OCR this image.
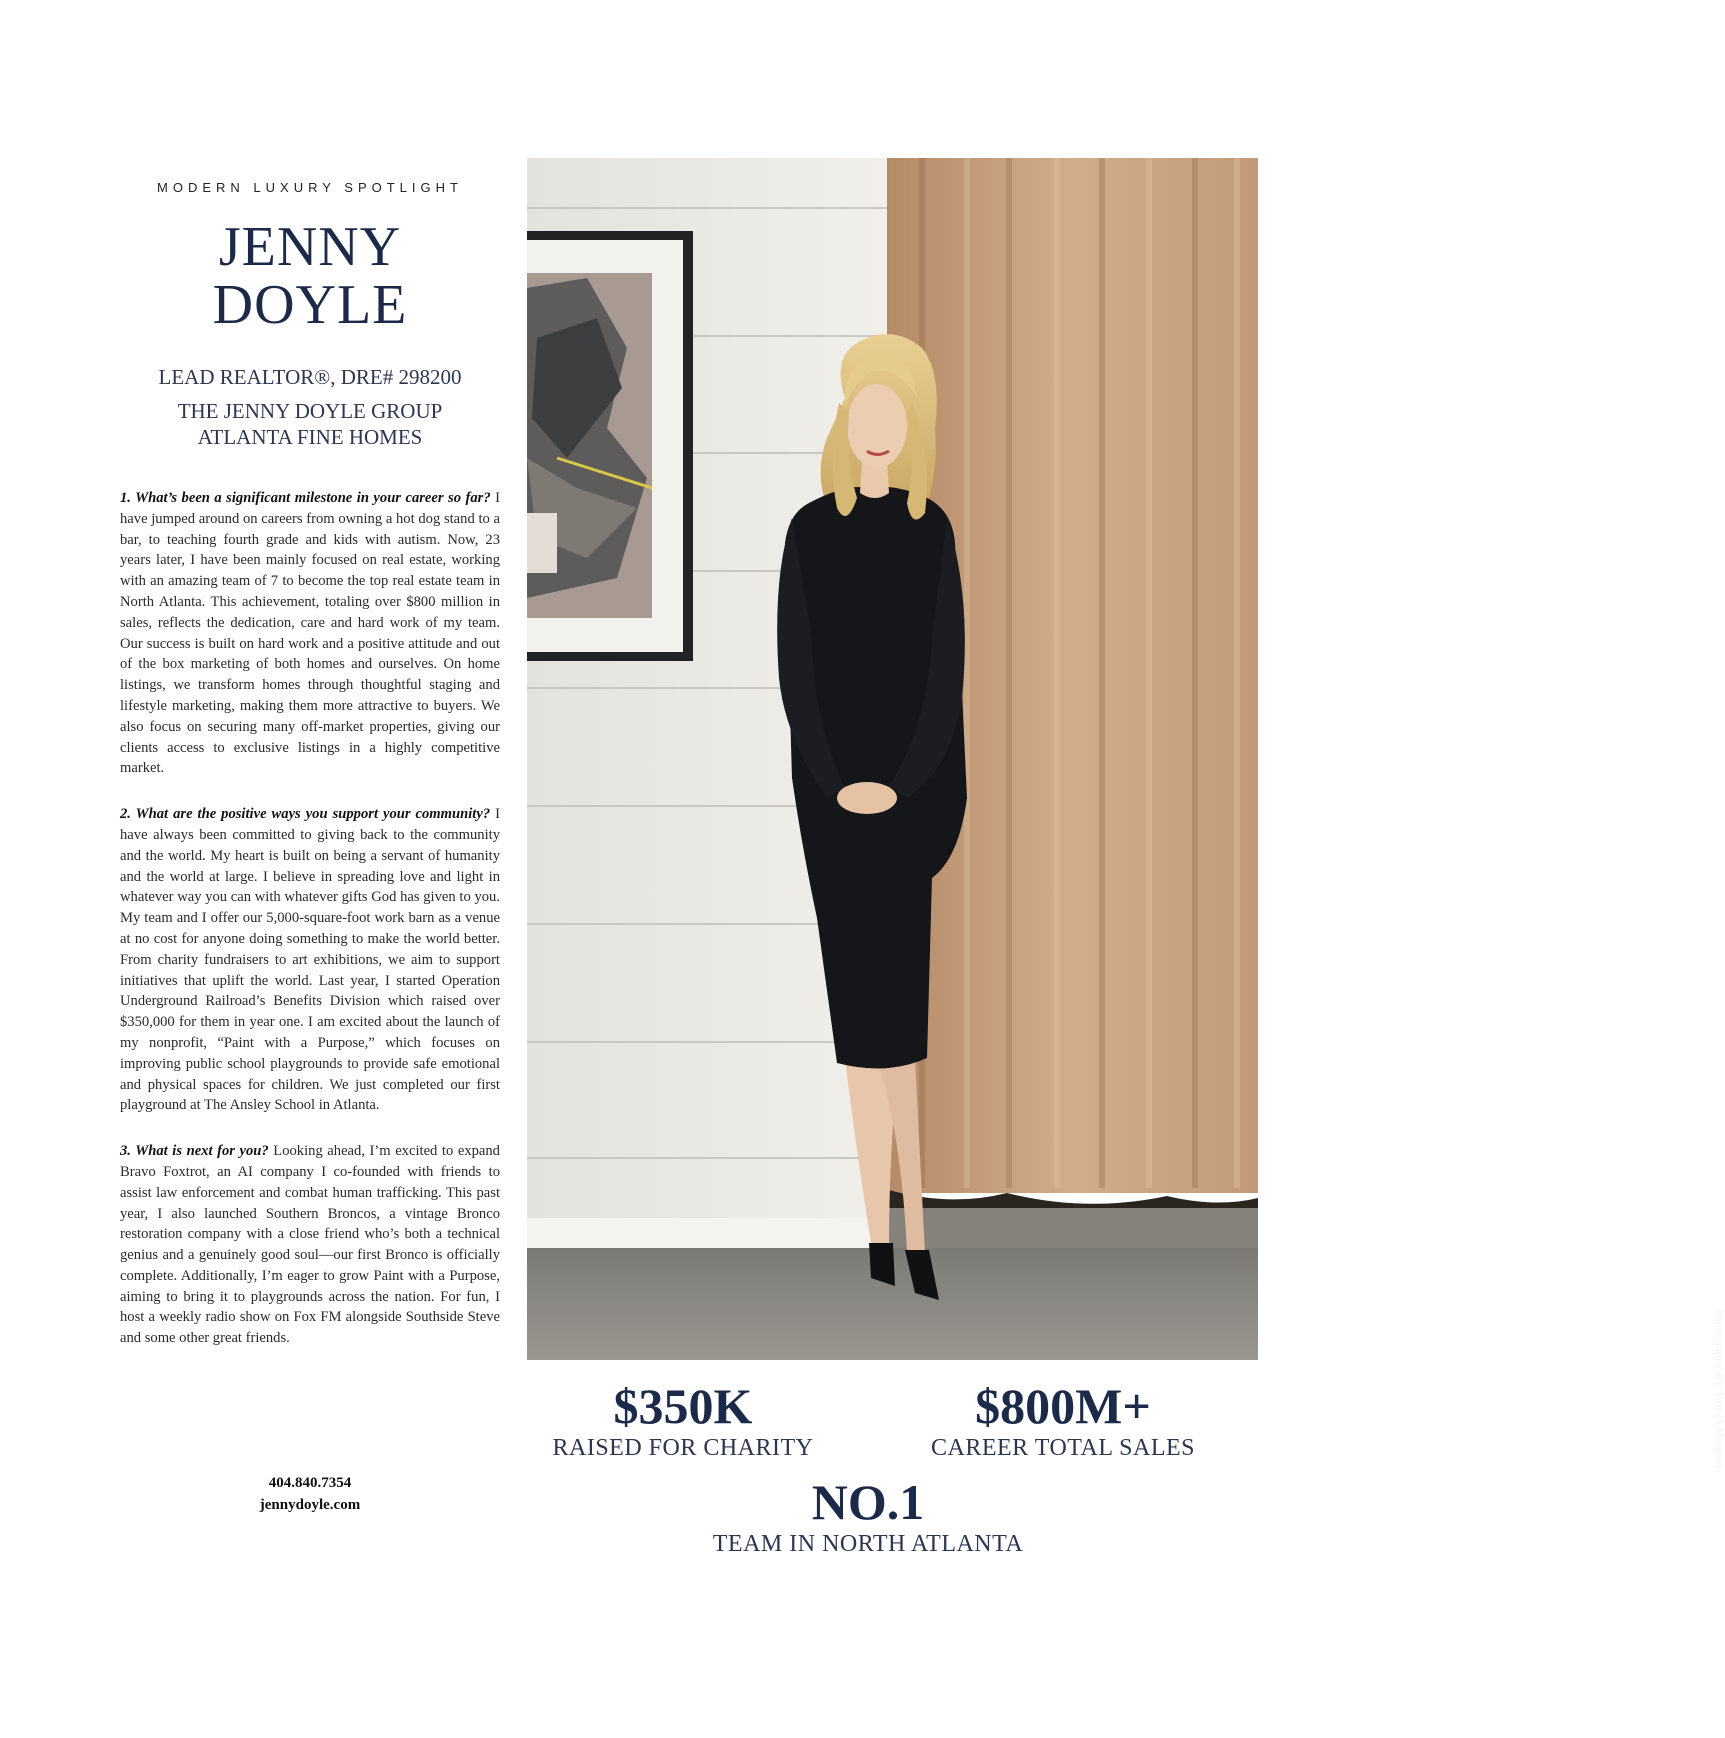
MODERN LUXURY SPOTLIGHT
JENNY
DOYLE
LEAD REALTOR®, DRE# 298200
THE JENNY DOYLE GROUP
ATLANTA FINE HOMES

1. What’s been a significant milestone in your career so far? I have jumped around on careers from owning a hot dog stand to a bar, to teaching fourth grade and kids with autism. Now, 23 years later, I have been mainly focused on real estate, working with an amazing team of 7 to become the top real estate team in North Atlanta. This achievement, totaling over $800 million in sales, reflects the dedication, care and hard work of my team. Our success is built on hard work and a positive attitude and out of the box marketing of both homes and ourselves. On home listings, we transform homes through thoughtful staging and lifestyle marketing, making them more attractive to buyers. We also focus on securing many off-market properties, giving our clients access to exclusive listings in a highly competitive market.

2. What are the positive ways you support your community? I have always been committed to giving back to the community and the world. My heart is built on being a servant of humanity and the world at large. I believe in spreading love and light in whatever way you can with whatever gifts God has given to you. My team and I offer our 5,000-square-foot work barn as a venue at no cost for anyone doing something to make the world better. From charity fundraisers to art exhibitions, we aim to support initiatives that uplift the world. Last year, I started Operation Underground Railroad’s Benefits Division which raised over $350,000 for them in year one. I am excited about the launch of my nonprofit, “Paint with a Purpose,” which focuses on improving public school playgrounds to provide safe emotional and physical spaces for children. We just completed our first playground at The Ansley School in Atlanta.

3. What is next for you? Looking ahead, I’m excited to expand Bravo Foxtrot, an AI company I co-founded with friends to assist law enforcement and combat human trafficking. This past year, I also launched Southern Broncos, a vintage Bronco restoration company with a close friend who’s both a technical genius and a genuinely good soul—our first Bronco is officially complete. Additionally, I’m eager to grow Paint with a Purpose, aiming to bring it to playgrounds across the nation. For fun, I host a weekly radio show on Fox FM alongside Southside Steve and some other great friends.

404.840.7354
jennydoyle.com
Photography By: Patrick Heagney
$350K
RAISED FOR CHARITY
$800M+
CAREER TOTAL SALES
NO.1
TEAM IN NORTH ATLANTA
